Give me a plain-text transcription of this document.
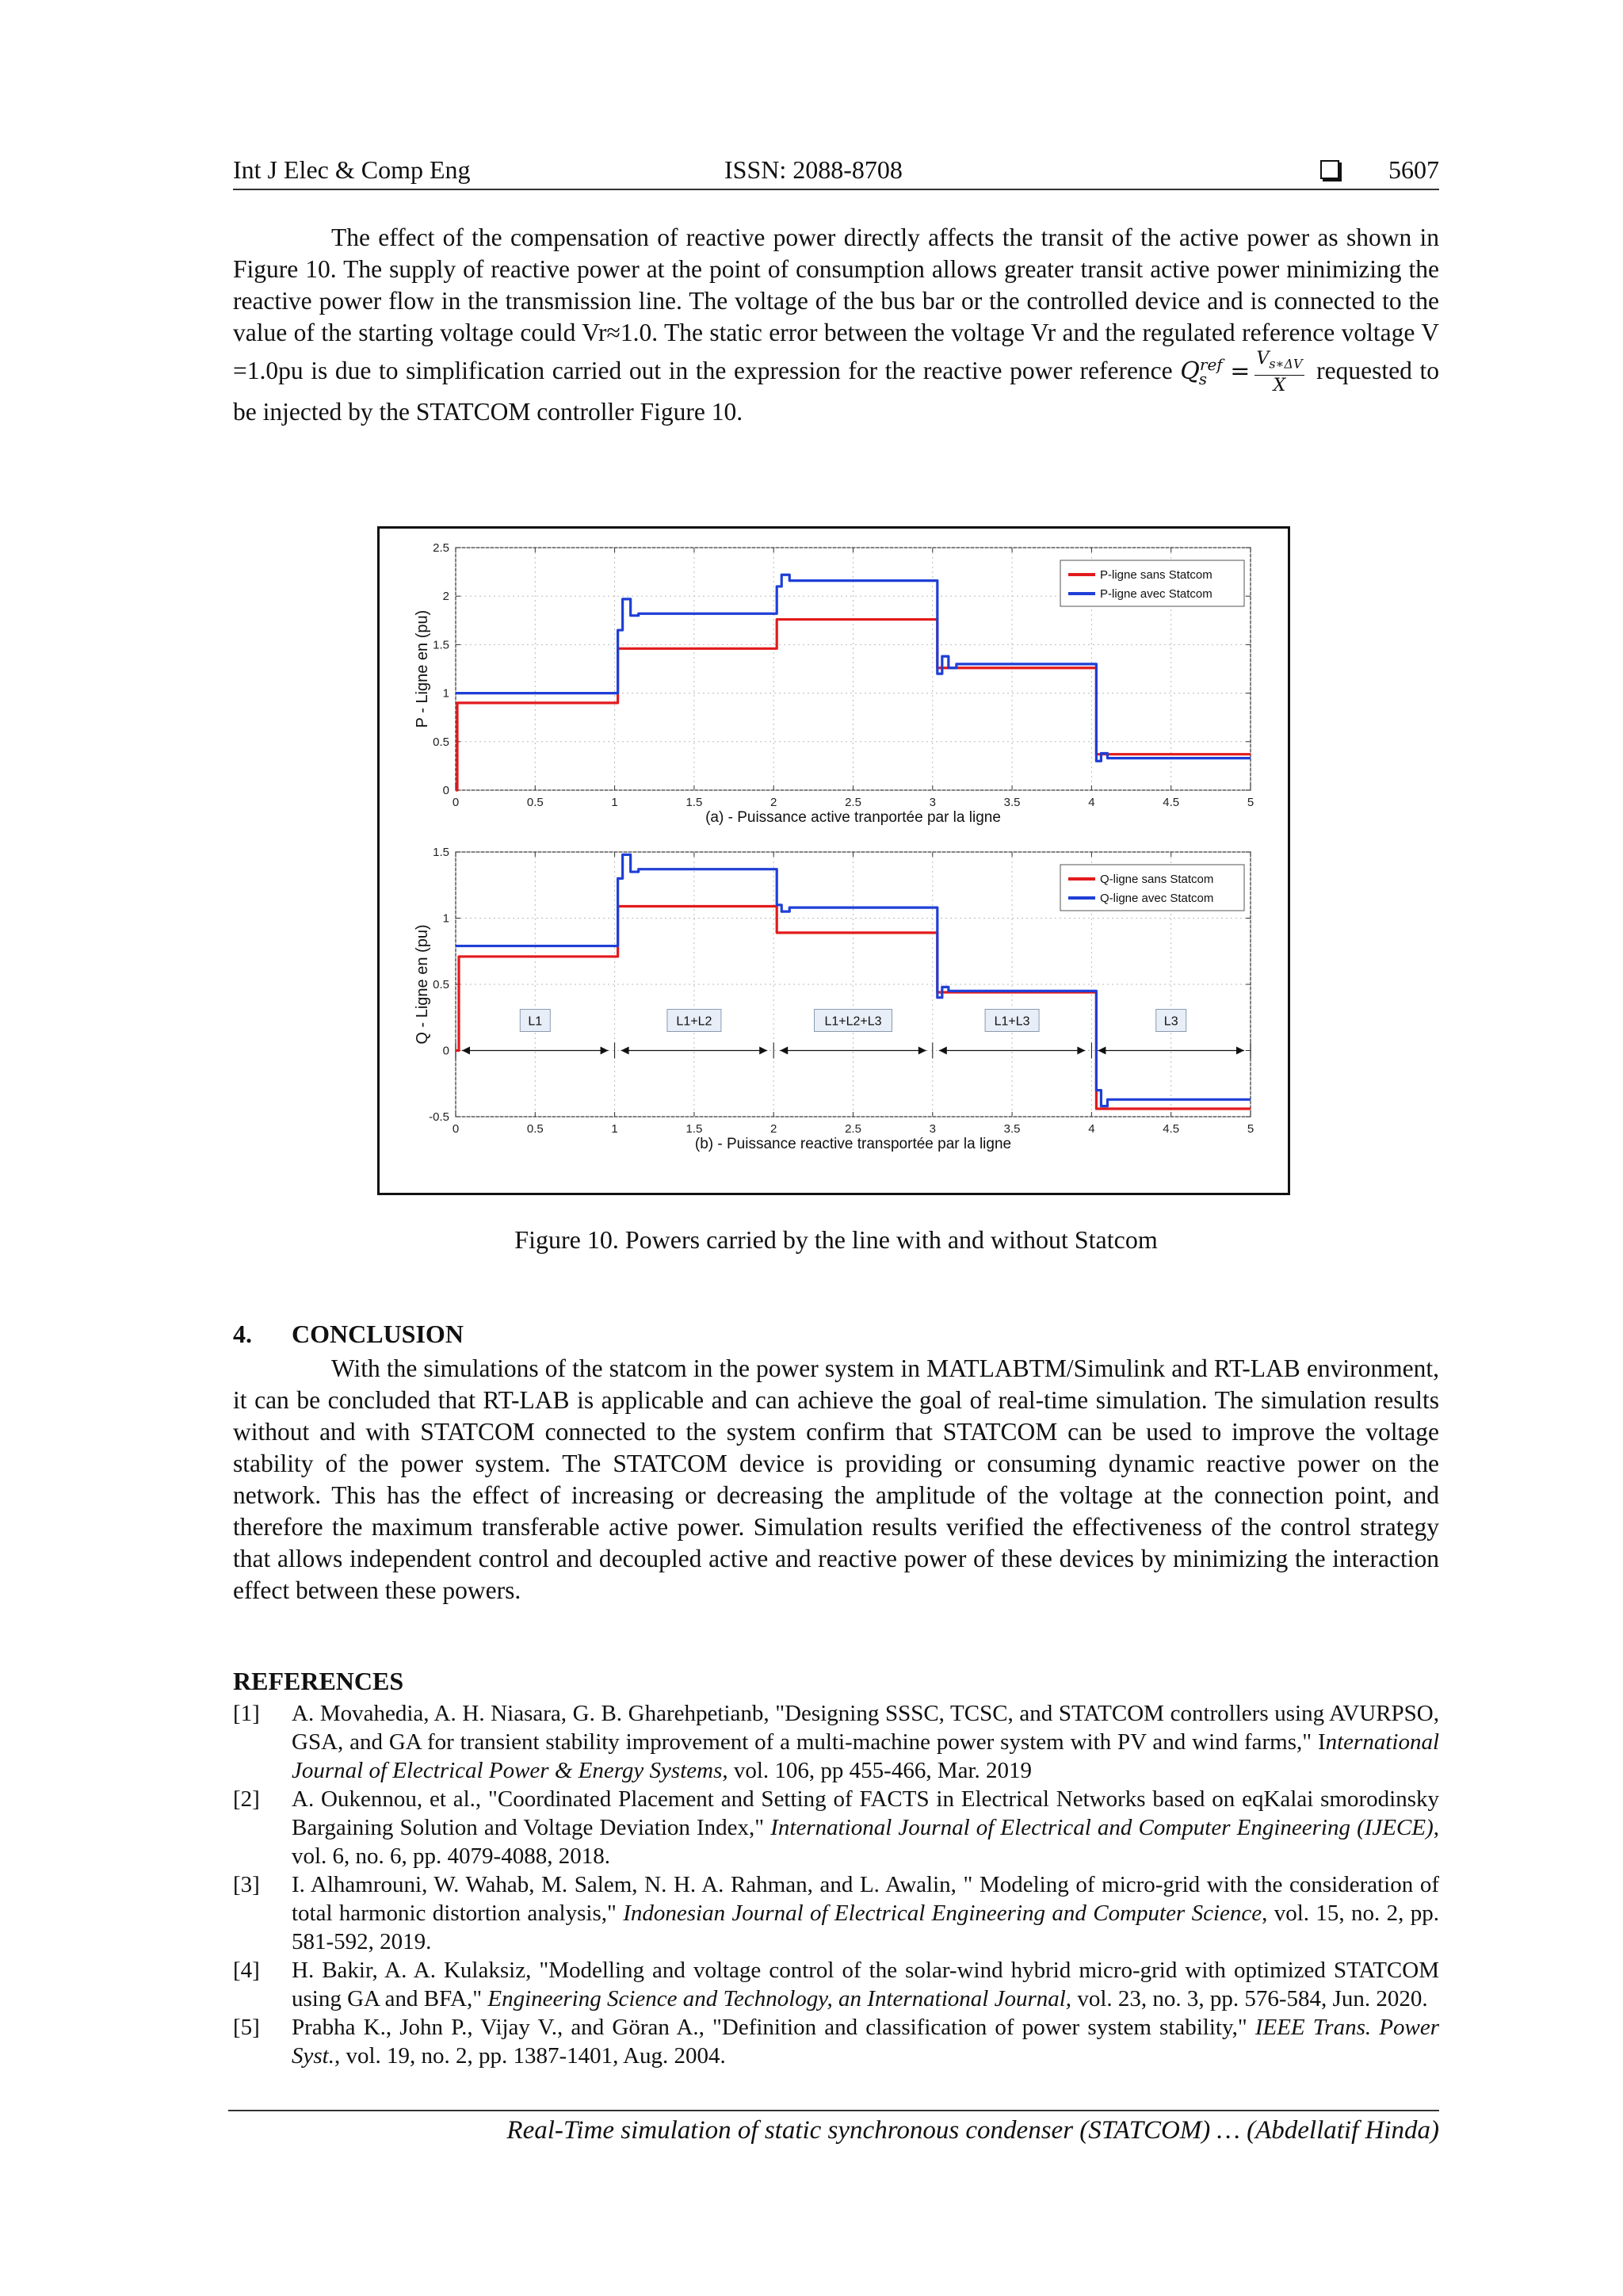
Int J Elec & Comp Eng	ISSN: 2088-8708	5607
The effect of the compensation of reactive power directly affects the transit of the active power as shown in Figure 10. The supply of reactive power at the point of consumption allows greater transit active power minimizing the reactive power flow in the transmission line. The voltage of the bus bar or the controlled device and is connected to the value of the starting voltage could Vr≈1.0. The static error between the voltage Vr and the regulated reference voltage V =1.0pu is due to simplification carried out in the expression for the reactive power reference $Q^{ref}_s = \frac{V_{s∗\Delta V}}{X}$ requested to be injected by the STATCOM controller Figure 10.
0	0.5	1	1.5	2	2.5	3	3.5	4	4.5	5
0
0.5
1
1.5
2
2.5
P-ligne sans Statcom
P-ligne avec Statcom
(a) - Puissance active tranportée par la ligne
P - Ligne en (pu)
0	0.5	1	1.5	2	2.5	3	3.5	4	4.5	5
-0.5
0
0.5
1
1.5
L1	L1+L2	L1+L2+L3	L1+L3	L3
Q-ligne sans Statcom
Q-ligne avec Statcom
(b) - Puissance reactive transportée par la ligne
Q - Ligne en (pu)
Figure 10. Powers carried by the line with and without Statcom
4. CONCLUSION
With the simulations of the statcom in the power system in MATLABTM/Simulink and RT-LAB environment, it can be concluded that RT-LAB is applicable and can achieve the goal of real-time simulation. The simulation results without and with STATCOM connected to the system confirm that STATCOM can be used to improve the voltage stability of the power system. The STATCOM device is providing or consuming dynamic reactive power on the network. This has the effect of increasing or decreasing the amplitude of the voltage at the connection point, and therefore the maximum transferable active power. Simulation results verified the effectiveness of the control strategy that allows independent control and decoupled active and reactive power of these devices by minimizing the interaction effect between these powers.
REFERENCES
[1] A. Movahedia, A. H. Niasara, G. B. Gharehpetianb, "Designing SSSC, TCSC, and STATCOM controllers using AVURPSO, GSA, and GA for transient stability improvement of a multi-machine power system with PV and wind farms," International Journal of Electrical Power & Energy Systems, vol. 106, pp 455-466, Mar. 2019
[2] A. Oukennou, et al., "Coordinated Placement and Setting of FACTS in Electrical Networks based on eqKalai smorodinsky Bargaining Solution and Voltage Deviation Index," International Journal of Electrical and Computer Engineering (IJECE), vol. 6, no. 6, pp. 4079-4088, 2018.
[3] I. Alhamrouni, W. Wahab, M. Salem, N. H. A. Rahman, and L. Awalin, " Modeling of micro-grid with the consideration of total harmonic distortion analysis," Indonesian Journal of Electrical Engineering and Computer Science, vol. 15, no. 2, pp. 581-592, 2019.
[4] H. Bakir, A. A. Kulaksiz, "Modelling and voltage control of the solar-wind hybrid micro-grid with optimized STATCOM using GA and BFA," Engineering Science and Technology, an International Journal, vol. 23, no. 3, pp. 576-584, Jun. 2020.
[5] Prabha K., John P., Vijay V., and Göran A., "Definition and classification of power system stability," IEEE Trans. Power Syst., vol. 19, no. 2, pp. 1387-1401, Aug. 2004.
Real-Time simulation of static synchronous condenser (STATCOM) … (Abdellatif Hinda)
